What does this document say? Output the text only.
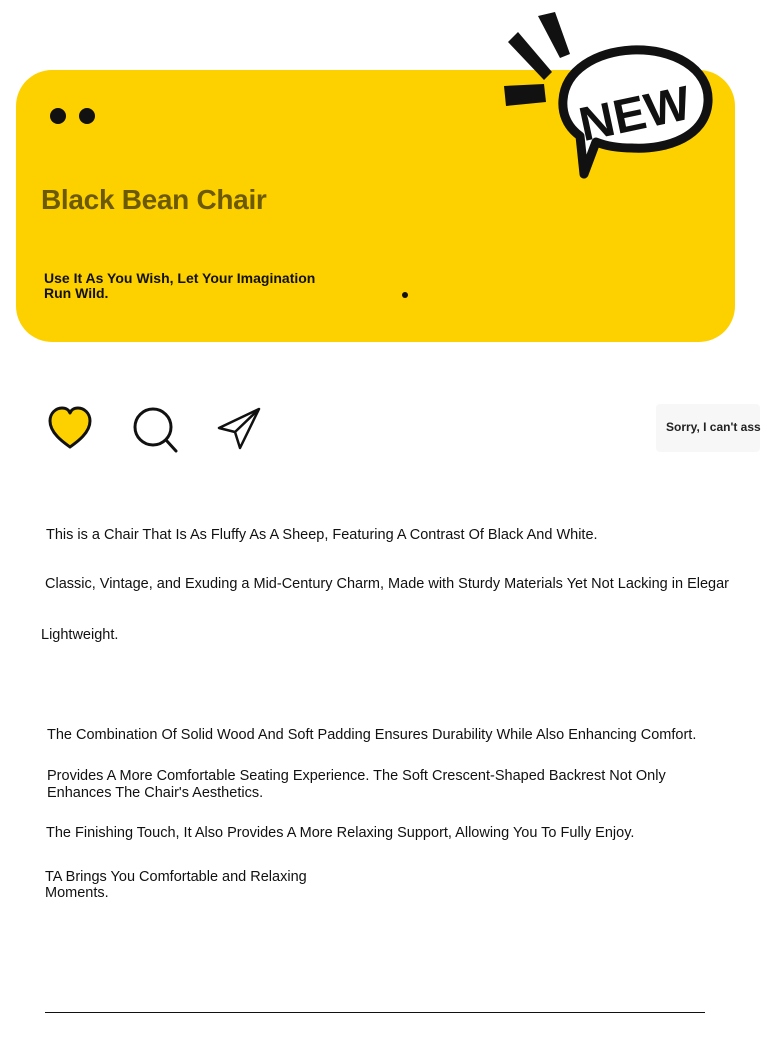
Black Bean Chair
Use It As You Wish, Let Your Imagination Run Wild.
NEW
Sorry, I can't ass
This is a Chair That Is As Fluffy As A Sheep, Featuring A Contrast Of Black And White.
Classic, Vintage, and Exuding a Mid-Century Charm, Made with Sturdy Materials Yet Not Lacking in Elegar
Lightweight.
The Combination Of Solid Wood And Soft Padding Ensures Durability While Also Enhancing Comfort.
Provides A More Comfortable Seating Experience. The Soft Crescent-Shaped Backrest Not Only Enhances The Chair's Aesthetics.
The Finishing Touch, It Also Provides A More Relaxing Support, Allowing You To Fully Enjoy.
TA Brings You Comfortable and Relaxing Moments.
